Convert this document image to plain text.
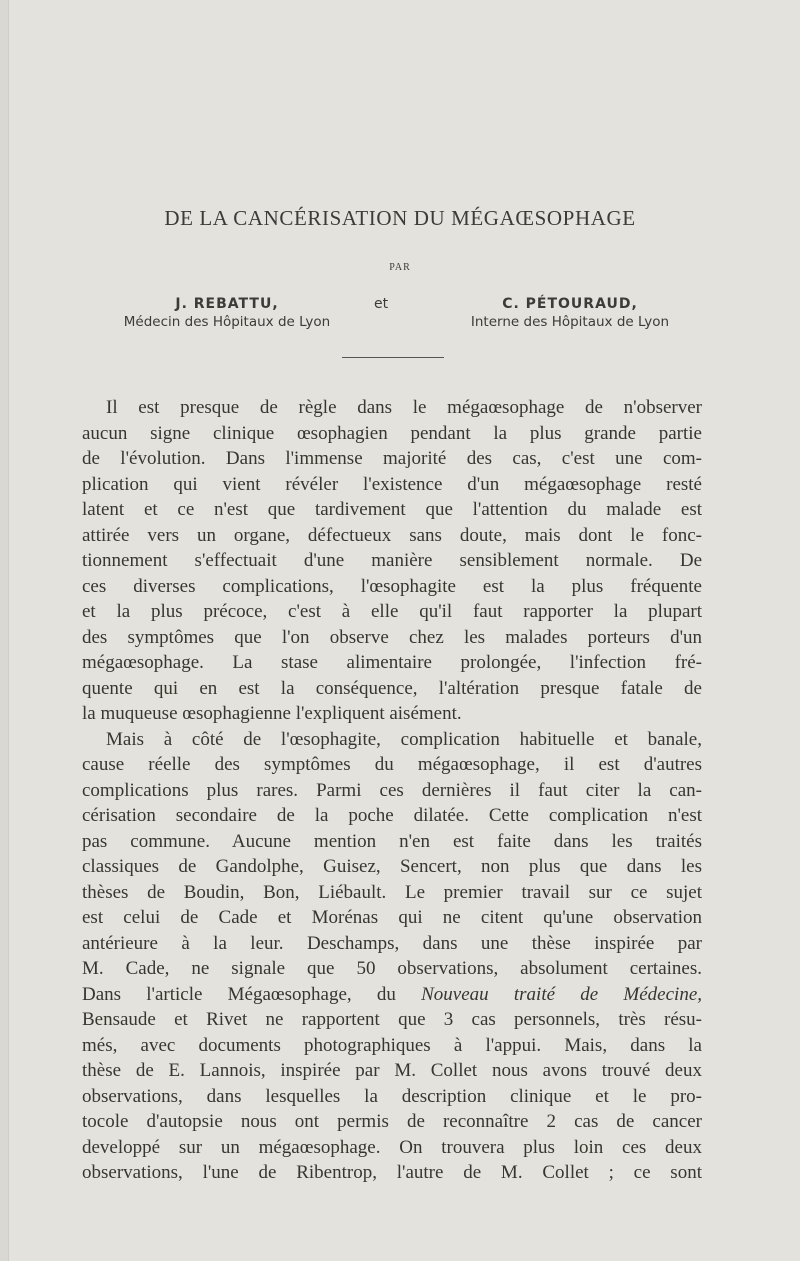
DE LA CANCÉRISATION DU MÉGAŒSOPHAGE
PAR
J. REBATTU,
Médecin des Hôpitaux de Lyon
et	C. PÉTOURAUD,
Interne des Hôpitaux de Lyon
Il est presque de règle dans le mégaœsophage de n'observer
aucun signe clinique œsophagien pendant la plus grande partie
de l'évolution. Dans l'immense majorité des cas, c'est une com-
plication qui vient révéler l'existence d'un mégaœsophage resté
latent et ce n'est que tardivement que l'attention du malade est
attirée vers un organe, défectueux sans doute, mais dont le fonc-
tionnement s'effectuait d'une manière sensiblement normale. De
ces diverses complications, l'œsophagite est la plus fréquente
et la plus précoce, c'est à elle qu'il faut rapporter la plupart
des symptômes que l'on observe chez les malades porteurs d'un
mégaœsophage. La stase alimentaire prolongée, l'infection fré-
quente qui en est la conséquence, l'altération presque fatale de
la muqueuse œsophagienne l'expliquent aisément.
Mais à côté de l'œsophagite, complication habituelle et banale,
cause réelle des symptômes du mégaœsophage, il est d'autres
complications plus rares. Parmi ces dernières il faut citer la can-
cérisation secondaire de la poche dilatée. Cette complication n'est
pas commune. Aucune mention n'en est faite dans les traités
classiques de Gandolphe, Guisez, Sencert, non plus que dans les
thèses de Boudin, Bon, Liébault. Le premier travail sur ce sujet
est celui de Cade et Morénas qui ne citent qu'une observation
antérieure à la leur. Deschamps, dans une thèse inspirée par
M. Cade, ne signale que 50 observations, absolument certaines.
Dans l'article Mégaœsophage, du Nouveau traité de Médecine,
Bensaude et Rivet ne rapportent que 3 cas personnels, très résu-
més, avec documents photographiques à l'appui. Mais, dans la
thèse de E. Lannois, inspirée par M. Collet nous avons trouvé deux
observations, dans lesquelles la description clinique et le pro-
tocole d'autopsie nous ont permis de reconnaître 2 cas de cancer
developpé sur un mégaœsophage. On trouvera plus loin ces deux
observations, l'une de Ribentrop, l'autre de M. Collet ; ce sont
